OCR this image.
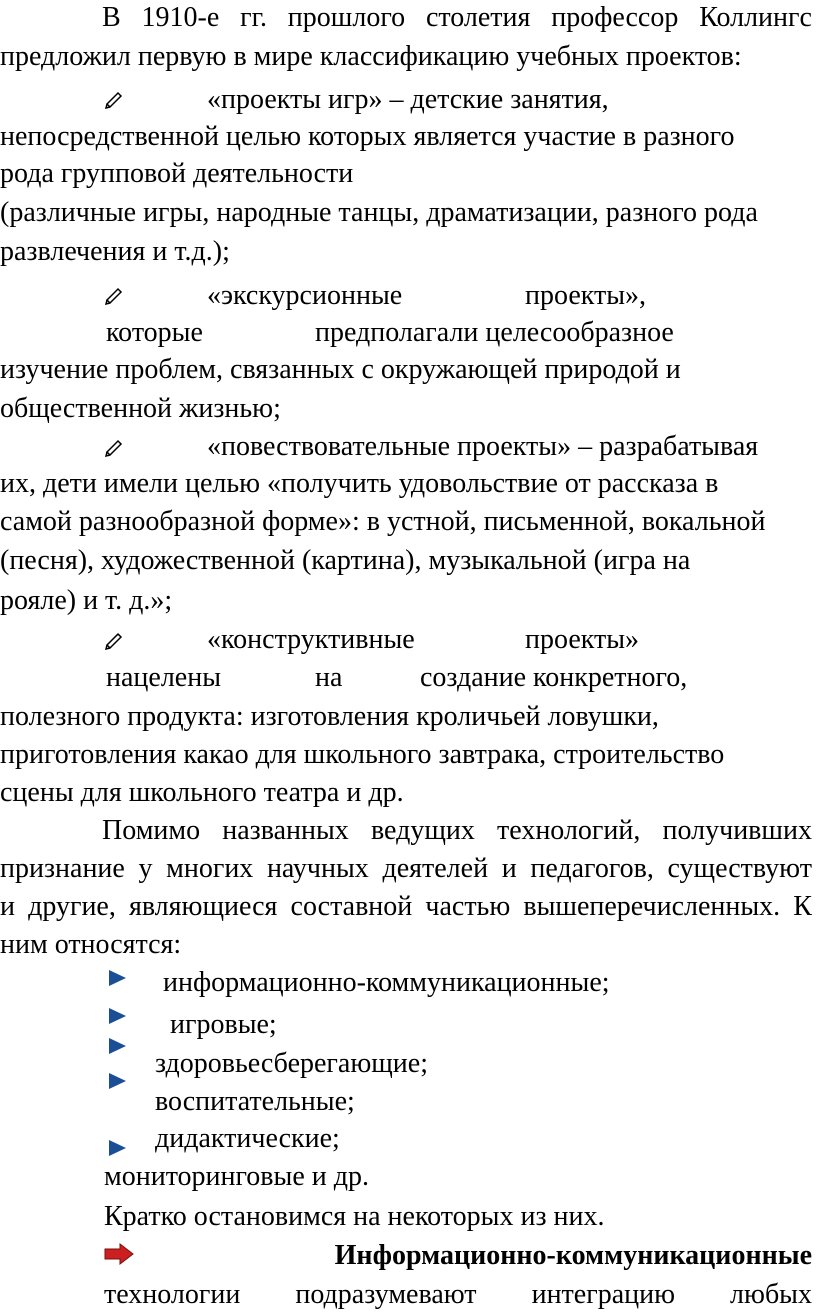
В 1910-е гг. прошлого столетия профессор Коллингс
предложил первую в мире классификацию учебных проектов:
«проекты игр» – детские занятия,
непосредственной целью которых является участие в разного
рода групповой деятельности
(различные игры, народные танцы, драматизации, разного рода
развлечения и т.д.);
«экскурсионные	проекты»,
которые	предполагали целесообразное
изучение проблем, связанных с окружающей природой и
общественной жизнью;
«повествовательные проекты» – разрабатывая
их, дети имели целью «получить удовольствие от рассказа в
самой разнообразной форме»: в устной, письменной, вокальной
(песня), художественной (картина), музыкальной (игра на
рояле) и т. д.»;
«конструктивные	проекты»
нацелены	на	создание конкретного,
полезного продукта: изготовления кроличьей ловушки,
приготовления какао для школьного завтрака, строительство
сцены для школьного театра и др.
Помимо названных ведущих технологий, получивших
признание у многих научных деятелей и педагогов, существуют
и другие, являющиеся составной частью вышеперечисленных. К
ним относятся:
информационно-коммуникационные;
игровые;
здоровьесберегающие;
воспитательные;
дидактические;
мониторинговые и др.
Кратко остановимся на некоторых из них.
Информационно-коммуникационные
технологии подразумевают интеграцию любых
